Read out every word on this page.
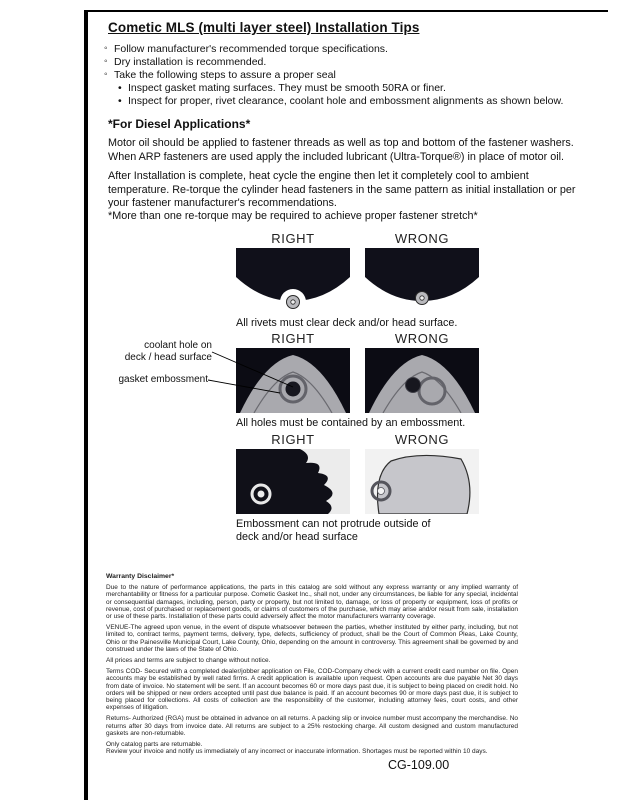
Cometic MLS (multi layer steel) Installation Tips
◦ Follow manufacturer's recommended torque specifications.
◦ Dry installation is recommended.
◦ Take the following steps to assure a proper seal
• Inspect gasket mating surfaces. They must be smooth 50RA or finer.
• Inspect for proper, rivet clearance, coolant hole and embossment alignments as shown below.
*For Diesel Applications*

Motor oil should be applied to fastener threads as well as top and bottom of the fastener washers. When ARP fasteners are used apply the included lubricant (Ultra-Torque®) in place of motor oil.

After Installation is complete, heat cycle the engine then let it completely cool to ambient temperature. Re-torque the cylinder head fasteners in the same pattern as initial installation or per your fastener manufacturer's recommendations.

*More than one re-torque may be required to achieve proper fastener stretch*

RIGHT	WRONG
All rivets must clear deck and/or head surface.
RIGHT	WRONG
All holes must be contained by an embossment.
coolant hole on
deck / head surface
gasket embossment
RIGHT	WRONG
Embossment can not protrude outside of deck and/or head surface
Warranty Disclaimer*

Due to the nature of performance applications, the parts in this catalog are sold without any express warranty or any implied warranty of merchantability or fitness for a particular purpose. Cometic Gasket Inc., shall not, under any circumstances, be liable for any special, incidental or consequential damages, including, person, party or property, but not limited to, damage, or loss of property or equipment, loss of profits or revenue, cost of purchased or replacement goods, or claims of customers of the purchase, which may arise and/or result from sale, installation or use of these parts. Installation of these parts could adversely affect the motor manufacturers warranty coverage.

VENUE-The agreed upon venue, in the event of dispute whatsoever between the parties, whether instituted by either party, including, but not limited to, contract terms, payment terms, delivery, type, defects, sufficiency of product, shall be the Court of Common Pleas, Lake County, Ohio or the Painesville Municipal Court, Lake County, Ohio, depending on the amount in controversy. This agreement shall be governed by and construed under the laws of the State of Ohio.

All prices and terms are subject to change without notice.

Terms COD- Secured with a completed dealer/jobber application on File, COD-Company check with a current credit card number on file. Open accounts may be established by well rated firms. A credit application is available upon request. Open accounts are due payable Net 30 days from date of invoice. No statement will be sent. If an account becomes 60 or more days past due, it is subject to being placed on credit hold. No orders will be shipped or new orders accepted until past due balance is paid. If an account becomes 90 or more days past due, it is subject to being placed for collections. All costs of collection are the responsibility of the customer, including attorney fees, court costs, and other expenses of litigation.

Returns- Authorized (RGA) must be obtained in advance on all returns. A packing slip or invoice number must accompany the merchandise. No returns after 30 days from invoice date. All returns are subject to a 25% restocking charge. All custom designed and custom manufactured gaskets are non-returnable.

Only catalog parts are returnable.

Review your invoice and notify us immediately of any incorrect or inaccurate information. Shortages must be reported within 10 days.

CG-109.00
